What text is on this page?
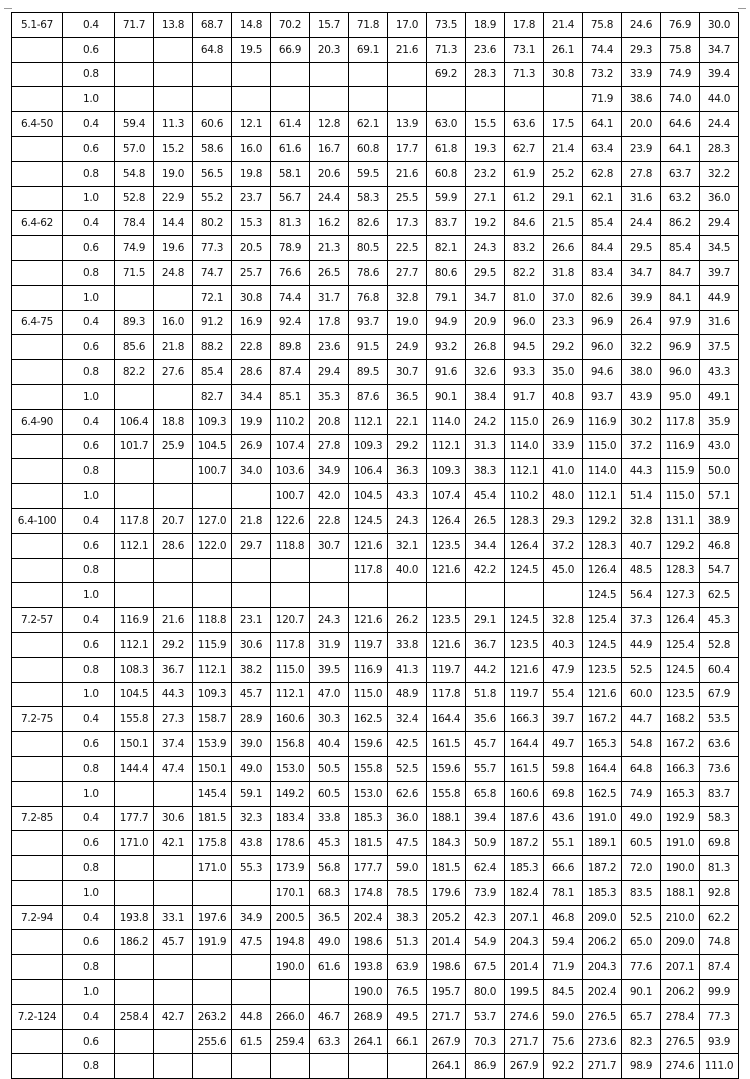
5.1-67	0.4	71.7	13.8	68.7	14.8	70.2	15.7	71.8	17.0	73.5	18.9	17.8	21.4	75.8	24.6	76.9	30.0
	0.6			64.8	19.5	66.9	20.3	69.1	21.6	71.3	23.6	73.1	26.1	74.4	29.3	75.8	34.7
	0.8									69.2	28.3	71.3	30.8	73.2	33.9	74.9	39.4
	1.0													71.9	38.6	74.0	44.0
6.4-50	0.4	59.4	11.3	60.6	12.1	61.4	12.8	62.1	13.9	63.0	15.5	63.6	17.5	64.1	20.0	64.6	24.4
	0.6	57.0	15.2	58.6	16.0	61.6	16.7	60.8	17.7	61.8	19.3	62.7	21.4	63.4	23.9	64.1	28.3
	0.8	54.8	19.0	56.5	19.8	58.1	20.6	59.5	21.6	60.8	23.2	61.9	25.2	62.8	27.8	63.7	32.2
	1.0	52.8	22.9	55.2	23.7	56.7	24.4	58.3	25.5	59.9	27.1	61.2	29.1	62.1	31.6	63.2	36.0
6.4-62	0.4	78.4	14.4	80.2	15.3	81.3	16.2	82.6	17.3	83.7	19.2	84.6	21.5	85.4	24.4	86.2	29.4
	0.6	74.9	19.6	77.3	20.5	78.9	21.3	80.5	22.5	82.1	24.3	83.2	26.6	84.4	29.5	85.4	34.5
	0.8	71.5	24.8	74.7	25.7	76.6	26.5	78.6	27.7	80.6	29.5	82.2	31.8	83.4	34.7	84.7	39.7
	1.0			72.1	30.8	74.4	31.7	76.8	32.8	79.1	34.7	81.0	37.0	82.6	39.9	84.1	44.9
6.4-75	0.4	89.3	16.0	91.2	16.9	92.4	17.8	93.7	19.0	94.9	20.9	96.0	23.3	96.9	26.4	97.9	31.6
	0.6	85.6	21.8	88.2	22.8	89.8	23.6	91.5	24.9	93.2	26.8	94.5	29.2	96.0	32.2	96.9	37.5
	0.8	82.2	27.6	85.4	28.6	87.4	29.4	89.5	30.7	91.6	32.6	93.3	35.0	94.6	38.0	96.0	43.3
	1.0			82.7	34.4	85.1	35.3	87.6	36.5	90.1	38.4	91.7	40.8	93.7	43.9	95.0	49.1
6.4-90	0.4	106.4	18.8	109.3	19.9	110.2	20.8	112.1	22.1	114.0	24.2	115.0	26.9	116.9	30.2	117.8	35.9
	0.6	101.7	25.9	104.5	26.9	107.4	27.8	109.3	29.2	112.1	31.3	114.0	33.9	115.0	37.2	116.9	43.0
	0.8			100.7	34.0	103.6	34.9	106.4	36.3	109.3	38.3	112.1	41.0	114.0	44.3	115.9	50.0
	1.0					100.7	42.0	104.5	43.3	107.4	45.4	110.2	48.0	112.1	51.4	115.0	57.1
6.4-100	0.4	117.8	20.7	127.0	21.8	122.6	22.8	124.5	24.3	126.4	26.5	128.3	29.3	129.2	32.8	131.1	38.9
	0.6	112.1	28.6	122.0	29.7	118.8	30.7	121.6	32.1	123.5	34.4	126.4	37.2	128.3	40.7	129.2	46.8
	0.8							117.8	40.0	121.6	42.2	124.5	45.0	126.4	48.5	128.3	54.7
	1.0													124.5	56.4	127.3	62.5
7.2-57	0.4	116.9	21.6	118.8	23.1	120.7	24.3	121.6	26.2	123.5	29.1	124.5	32.8	125.4	37.3	126.4	45.3
	0.6	112.1	29.2	115.9	30.6	117.8	31.9	119.7	33.8	121.6	36.7	123.5	40.3	124.5	44.9	125.4	52.8
	0.8	108.3	36.7	112.1	38.2	115.0	39.5	116.9	41.3	119.7	44.2	121.6	47.9	123.5	52.5	124.5	60.4
	1.0	104.5	44.3	109.3	45.7	112.1	47.0	115.0	48.9	117.8	51.8	119.7	55.4	121.6	60.0	123.5	67.9
7.2-75	0.4	155.8	27.3	158.7	28.9	160.6	30.3	162.5	32.4	164.4	35.6	166.3	39.7	167.2	44.7	168.2	53.5
	0.6	150.1	37.4	153.9	39.0	156.8	40.4	159.6	42.5	161.5	45.7	164.4	49.7	165.3	54.8	167.2	63.6
	0.8	144.4	47.4	150.1	49.0	153.0	50.5	155.8	52.5	159.6	55.7	161.5	59.8	164.4	64.8	166.3	73.6
	1.0			145.4	59.1	149.2	60.5	153.0	62.6	155.8	65.8	160.6	69.8	162.5	74.9	165.3	83.7
7.2-85	0.4	177.7	30.6	181.5	32.3	183.4	33.8	185.3	36.0	188.1	39.4	187.6	43.6	191.0	49.0	192.9	58.3
	0.6	171.0	42.1	175.8	43.8	178.6	45.3	181.5	47.5	184.3	50.9	187.2	55.1	189.1	60.5	191.0	69.8
	0.8			171.0	55.3	173.9	56.8	177.7	59.0	181.5	62.4	185.3	66.6	187.2	72.0	190.0	81.3
	1.0					170.1	68.3	174.8	78.5	179.6	73.9	182.4	78.1	185.3	83.5	188.1	92.8
7.2-94	0.4	193.8	33.1	197.6	34.9	200.5	36.5	202.4	38.3	205.2	42.3	207.1	46.8	209.0	52.5	210.0	62.2
	0.6	186.2	45.7	191.9	47.5	194.8	49.0	198.6	51.3	201.4	54.9	204.3	59.4	206.2	65.0	209.0	74.8
	0.8					190.0	61.6	193.8	63.9	198.6	67.5	201.4	71.9	204.3	77.6	207.1	87.4
	1.0							190.0	76.5	195.7	80.0	199.5	84.5	202.4	90.1	206.2	99.9
7.2-124	0.4	258.4	42.7	263.2	44.8	266.0	46.7	268.9	49.5	271.7	53.7	274.6	59.0	276.5	65.7	278.4	77.3
	0.6			255.6	61.5	259.4	63.3	264.1	66.1	267.9	70.3	271.7	75.6	273.6	82.3	276.5	93.9
	0.8									264.1	86.9	267.9	92.2	271.7	98.9	274.6	111.0
